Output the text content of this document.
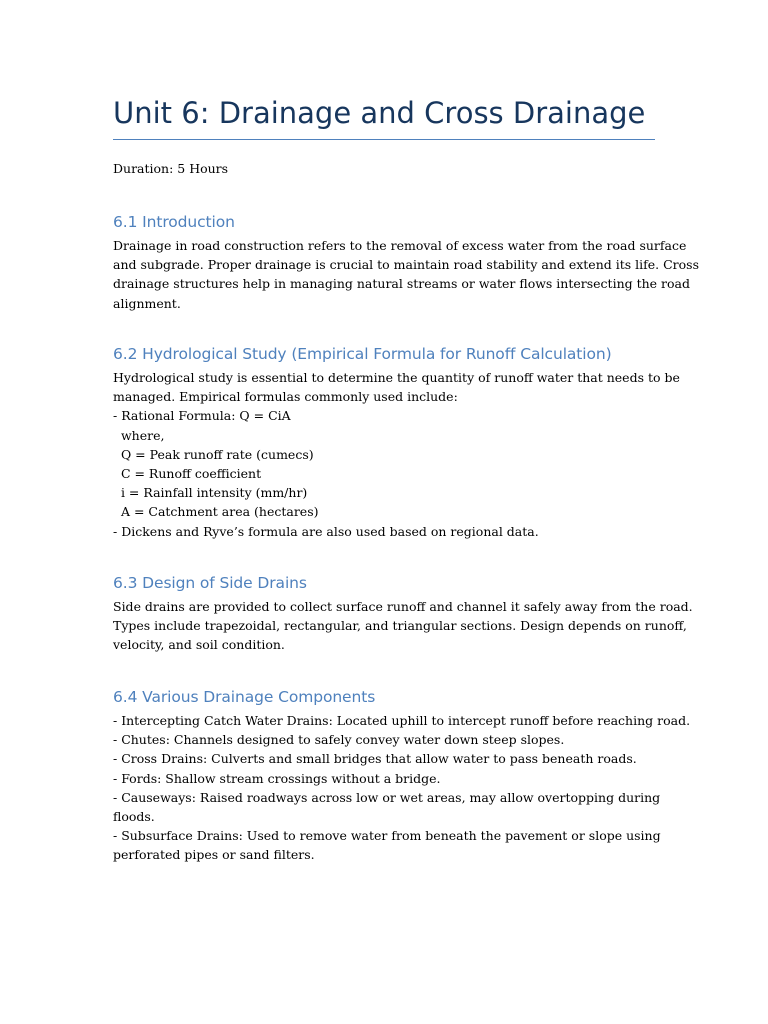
Unit 6: Drainage and Cross Drainage

Duration: 5 Hours

6.1 Introduction
Drainage in road construction refers to the removal of excess water from the road surface
and subgrade. Proper drainage is crucial to maintain road stability and extend its life. Cross
drainage structures help in managing natural streams or water flows intersecting the road
alignment.
6.2 Hydrological Study (Empirical Formula for Runoff Calculation)
Hydrological study is essential to determine the quantity of runoff water that needs to be
managed. Empirical formulas commonly used include:
- Rational Formula: Q = CiA
where,
Q = Peak runoff rate (cumecs)
C = Runoff coefficient
i = Rainfall intensity (mm/hr)
A = Catchment area (hectares)
- Dickens and Ryve’s formula are also used based on regional data.
6.3 Design of Side Drains
Side drains are provided to collect surface runoff and channel it safely away from the road.
Types include trapezoidal, rectangular, and triangular sections. Design depends on runoff,
velocity, and soil condition.
6.4 Various Drainage Components
- Intercepting Catch Water Drains: Located uphill to intercept runoff before reaching road.
- Chutes: Channels designed to safely convey water down steep slopes.
- Cross Drains: Culverts and small bridges that allow water to pass beneath roads.
- Fords: Shallow stream crossings without a bridge.
- Causeways: Raised roadways across low or wet areas, may allow overtopping during
floods.
- Subsurface Drains: Used to remove water from beneath the pavement or slope using
perforated pipes or sand filters.
